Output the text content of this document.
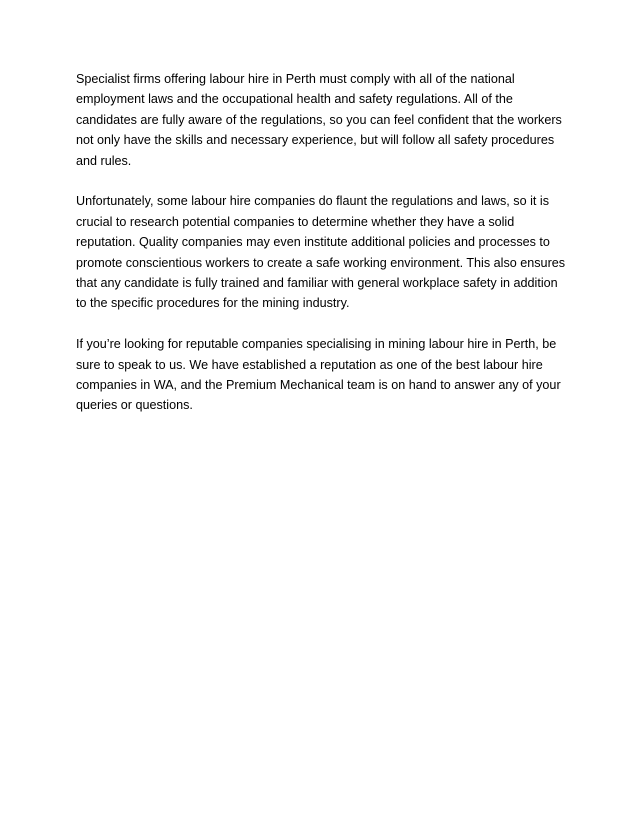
Specialist firms offering labour hire in Perth must comply with all of the national
employment laws and the occupational health and safety regulations. All of the
candidates are fully aware of the regulations, so you can feel confident that the workers
not only have the skills and necessary experience, but will follow all safety procedures
and rules.

Unfortunately, some labour hire companies do flaunt the regulations and laws, so it is
crucial to research potential companies to determine whether they have a solid
reputation. Quality companies may even institute additional policies and processes to
promote conscientious workers to create a safe working environment. This also ensures
that any candidate is fully trained and familiar with general workplace safety in addition
to the specific procedures for the mining industry.

If you’re looking for reputable companies specialising in mining labour hire in Perth, be
sure to speak to us. We have established a reputation as one of the best labour hire
companies in WA, and the Premium Mechanical team is on hand to answer any of your
queries or questions.
